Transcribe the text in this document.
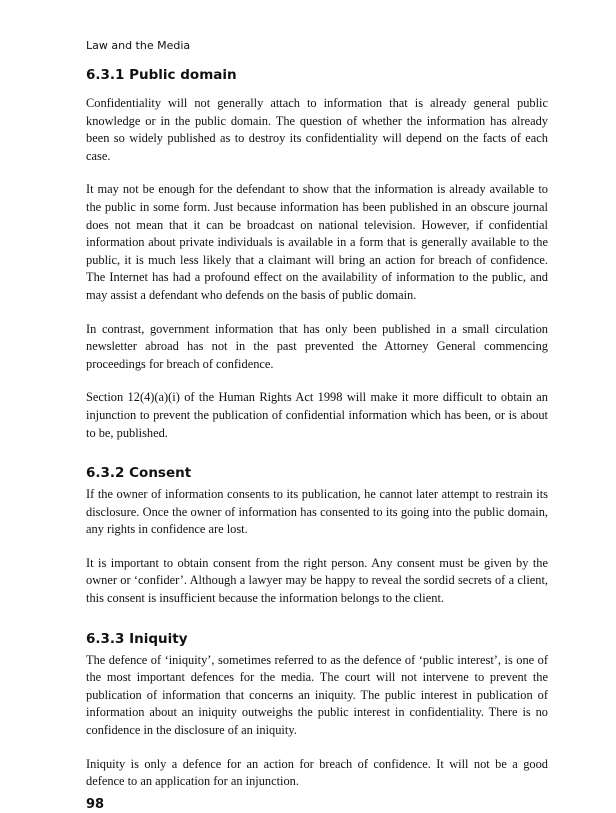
Law and the Media
6.3.1 Public domain

Confidentiality will not generally attach to information that is already general public knowledge or in the public domain. The question of whether the information has already been so widely published as to destroy its confidentiality will depend on the facts of each case.

It may not be enough for the defendant to show that the information is already available to the public in some form. Just because information has been published in an obscure journal does not mean that it can be broadcast on national television. However, if confidential information about private individuals is available in a form that is generally available to the public, it is much less likely that a claimant will bring an action for breach of confidence. The Internet has had a profound effect on the availability of information to the public, and may assist a defendant who defends on the basis of public domain.

In contrast, government information that has only been published in a small circulation newsletter abroad has not in the past prevented the Attorney General commencing proceedings for breach of confidence.

Section 12(4)(a)(i) of the Human Rights Act 1998 will make it more difficult to obtain an injunction to prevent the publication of confidential information which has been, or is about to be, published.

6.3.2 Consent

If the owner of information consents to its publication, he cannot later attempt to restrain its disclosure. Once the owner of information has consented to its going into the public domain, any rights in confidence are lost.

It is important to obtain consent from the right person. Any consent must be given by the owner or ‘confider’. Although a lawyer may be happy to reveal the sordid secrets of a client, this consent is insufficient because the information belongs to the client.

6.3.3 Iniquity

The defence of ‘iniquity’, sometimes referred to as the defence of ‘public interest’, is one of the most important defences for the media. The court will not intervene to prevent the publication of information that concerns an iniquity. The public interest in publication of information about an iniquity outweighs the public interest in confidentiality. There is no confidence in the disclosure of an iniquity.

Iniquity is only a defence for an action for breach of confidence. It will not be a good defence to an application for an injunction.

98
